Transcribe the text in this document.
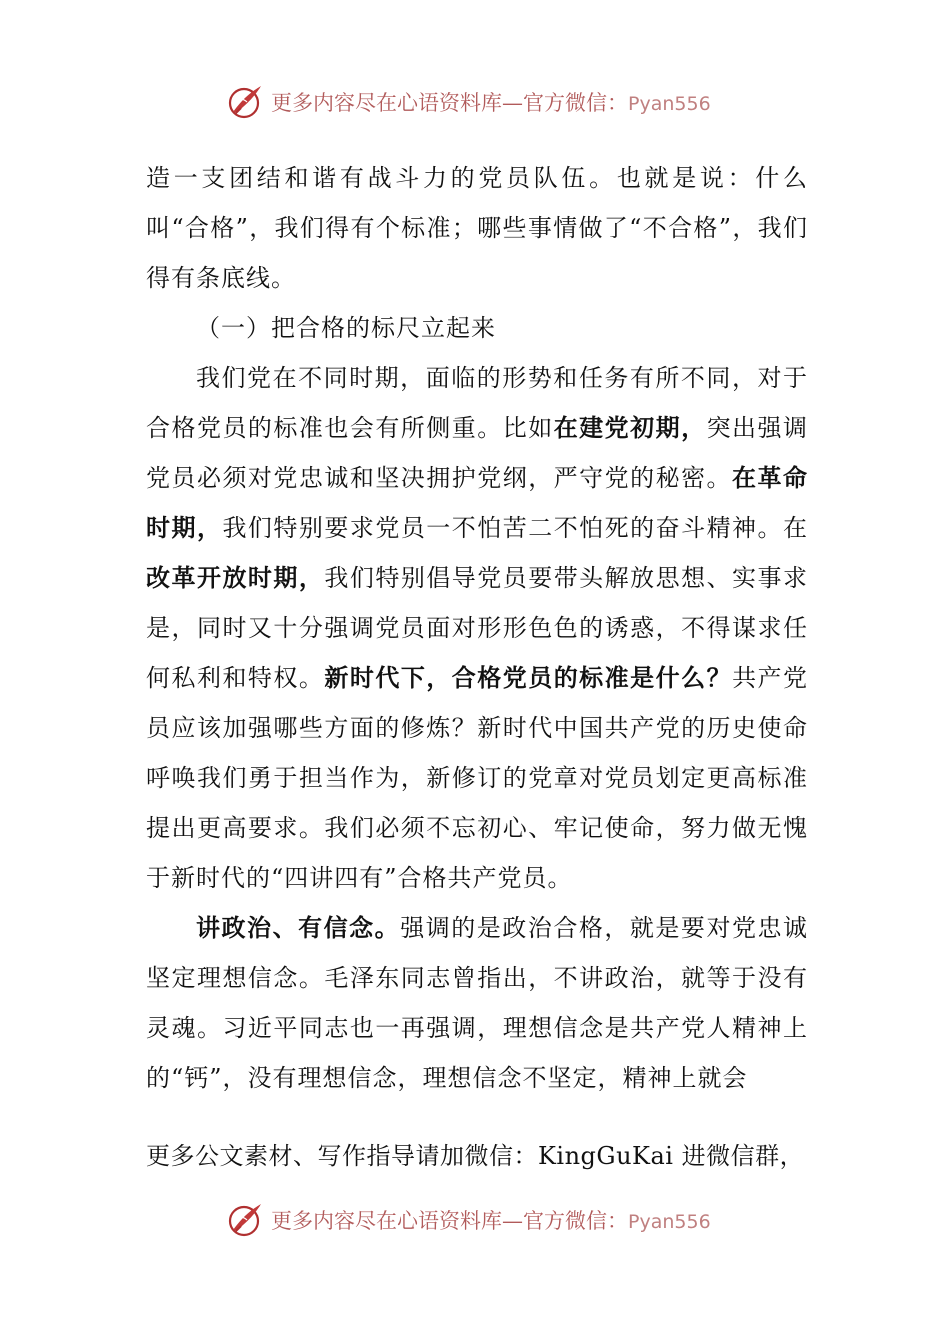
更多内容尽在心语资料库—官方微信：Pyan556

造一支团结和谐有战斗力的党员队伍。也就是说：什么叫“合格”，我们得有个标准；哪些事情做了“不合格”，我们得有条底线。

（一）把合格的标尺立起来

我们党在不同时期，面临的形势和任务有所不同，对于合格党员的标准也会有所侧重。比如在建党初期，突出强调党员必须对党忠诚和坚决拥护党纲，严守党的秘密。在革命时期，我们特别要求党员一不怕苦二不怕死的奋斗精神。在改革开放时期，我们特别倡导党员要带头解放思想、实事求是，同时又十分强调党员面对形形色色的诱惑，不得谋求任何私利和特权。新时代下，合格党员的标准是什么？共产党员应该加强哪些方面的修炼？新时代中国共产党的历史使命呼唤我们勇于担当作为，新修订的党章对党员划定更高标准提出更高要求。我们必须不忘初心、牢记使命，努力做无愧于新时代的“四讲四有”合格共产党员。

讲政治、有信念。强调的是政治合格，就是要对党忠诚坚定理想信念。毛泽东同志曾指出，不讲政治，就等于没有灵魂。习近平同志也一再强调，理想信念是共产党人精神上的“钙”，没有理想信念，理想信念不坚定，精神上就会

更多公文素材、写作指导请加微信：KingGuKai 进微信群，
更多内容尽在心语资料库—官方微信：Pyan556
